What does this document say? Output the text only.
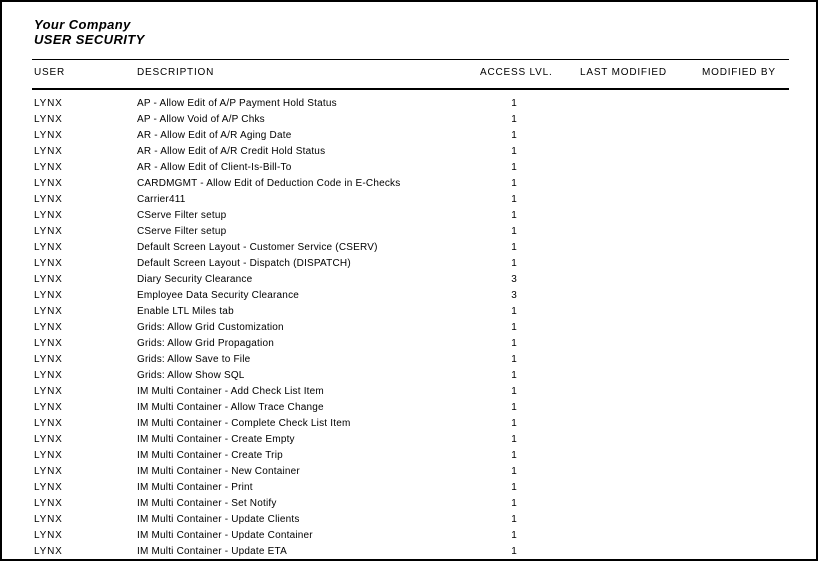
Your Company
USER SECURITY
USER	DESCRIPTION	ACCESS LVL.	LAST MODIFIED	MODIFIED BY
LYNX	AP - Allow Edit of A/P Payment Hold Status	1
LYNX	AP - Allow Void of A/P Chks	1
LYNX	AR - Allow Edit of A/R Aging Date	1
LYNX	AR - Allow Edit of A/R Credit Hold Status	1
LYNX	AR - Allow Edit of Client-Is-Bill-To	1
LYNX	CARDMGMT - Allow Edit of Deduction Code in E-Checks	1
LYNX	Carrier411	1
LYNX	CServe Filter setup	1
LYNX	CServe Filter setup	1
LYNX	Default Screen Layout - Customer Service (CSERV)	1
LYNX	Default Screen Layout - Dispatch (DISPATCH)	1
LYNX	Diary Security Clearance	3
LYNX	Employee Data Security Clearance	3
LYNX	Enable LTL Miles tab	1
LYNX	Grids: Allow Grid Customization	1
LYNX	Grids: Allow Grid Propagation	1
LYNX	Grids: Allow Save to File	1
LYNX	Grids: Allow Show SQL	1
LYNX	IM Multi Container - Add Check List Item	1
LYNX	IM Multi Container - Allow Trace Change	1
LYNX	IM Multi Container - Complete Check List Item	1
LYNX	IM Multi Container - Create Empty	1
LYNX	IM Multi Container - Create Trip	1
LYNX	IM Multi Container - New Container	1
LYNX	IM Multi Container - Print	1
LYNX	IM Multi Container - Set Notify	1
LYNX	IM Multi Container - Update Clients	1
LYNX	IM Multi Container - Update Container	1
LYNX	IM Multi Container - Update ETA	1
